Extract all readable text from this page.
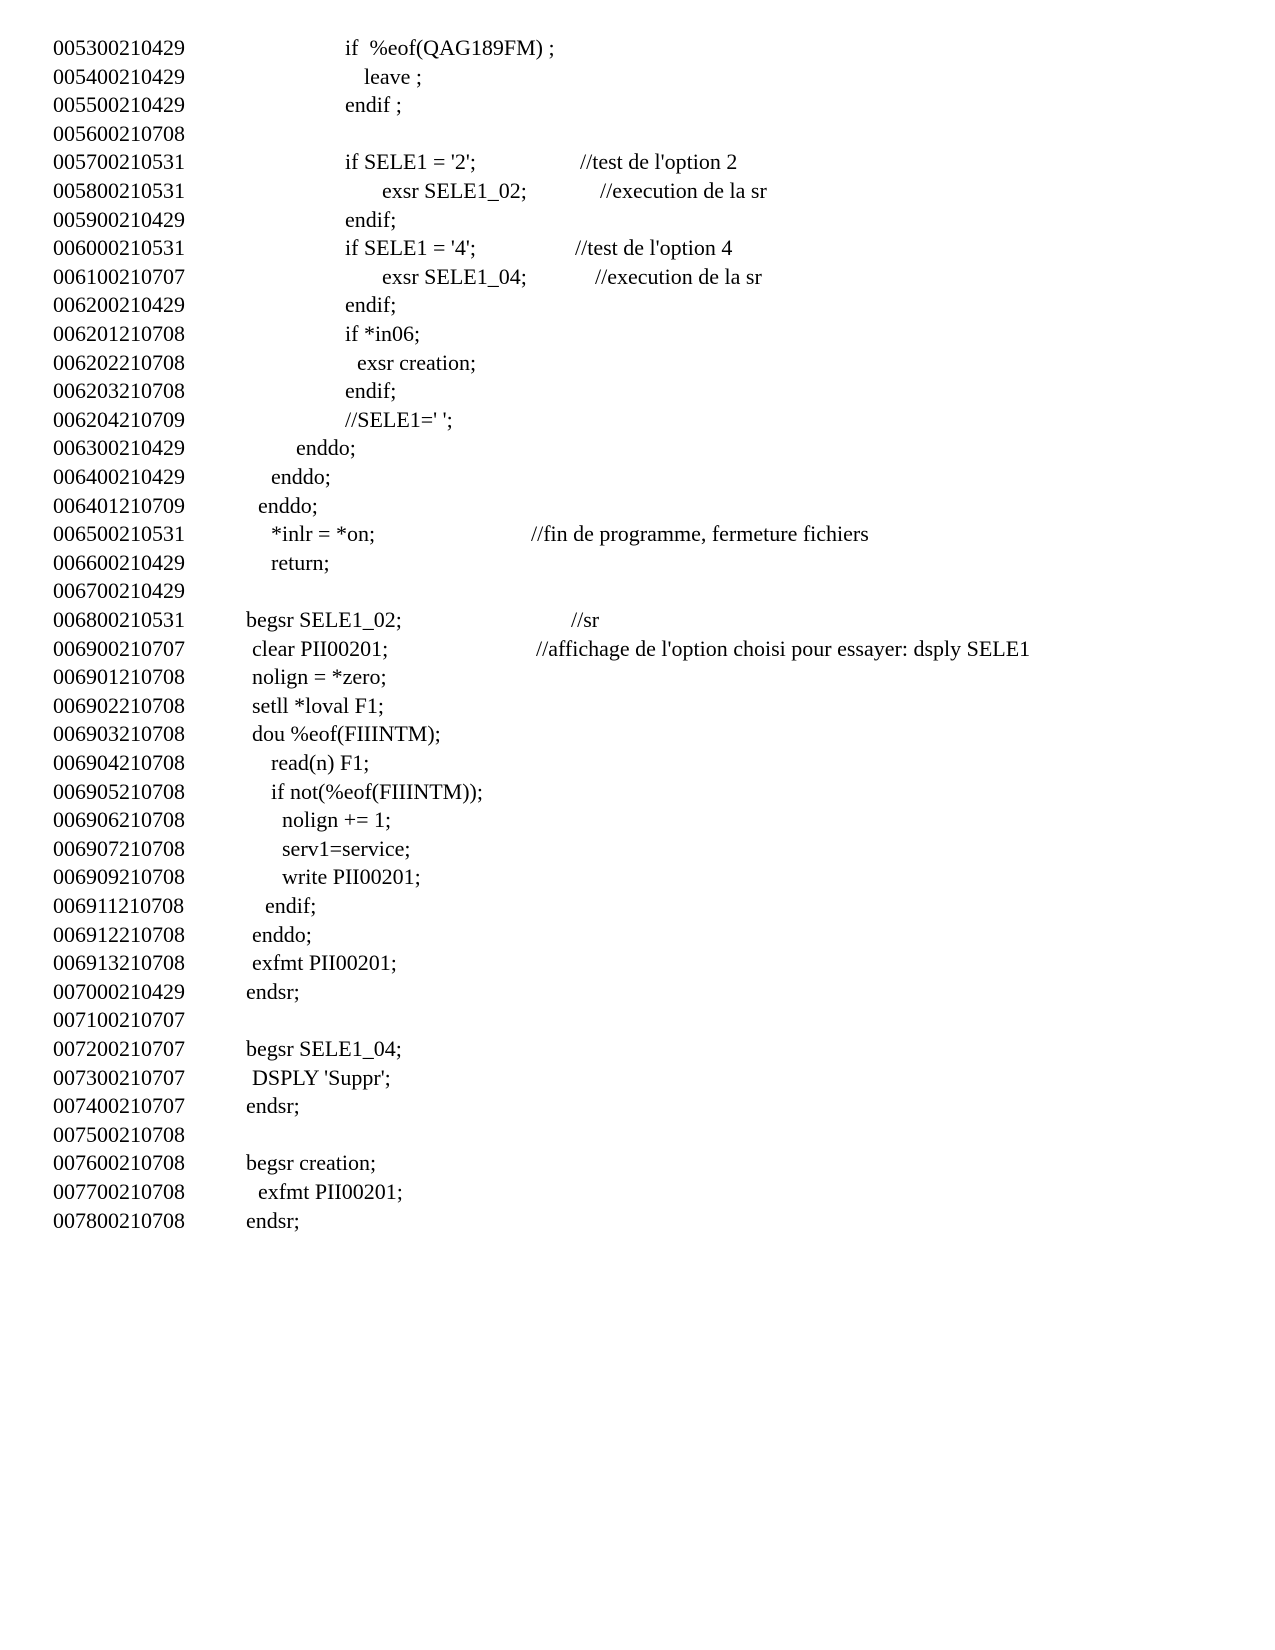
005300210429	if  %eof(QAG189FM) ;
005400210429	leave ;
005500210429	endif ;
005600210708
005700210531	if SELE1 = '2';	//test de l'option 2
005800210531	exsr SELE1_02;	//execution de la sr
005900210429	endif;
006000210531	if SELE1 = '4';	//test de l'option 4
006100210707	exsr SELE1_04;	//execution de la sr
006200210429	endif;
006201210708	if *in06;
006202210708	exsr creation;
006203210708	endif;
006204210709	//SELE1=' ';
006300210429	enddo;
006400210429	enddo;
006401210709	enddo;
006500210531	*inlr = *on;	//fin de programme, fermeture fichiers
006600210429	return;
006700210429
006800210531	begsr SELE1_02;	//sr
006900210707	clear PII00201;	//affichage de l'option choisi pour essayer: dsply SELE1
006901210708	nolign = *zero;
006902210708	setll *loval F1;
006903210708	dou %eof(FIIINTM);
006904210708	read(n) F1;
006905210708	if not(%eof(FIIINTM));
006906210708	nolign += 1;
006907210708	serv1=service;
006909210708	write PII00201;
006911210708	endif;
006912210708	enddo;
006913210708	exfmt PII00201;
007000210429	endsr;
007100210707
007200210707	begsr SELE1_04;
007300210707	DSPLY 'Suppr';
007400210707	endsr;
007500210708
007600210708	begsr creation;
007700210708	exfmt PII00201;
007800210708	endsr;
